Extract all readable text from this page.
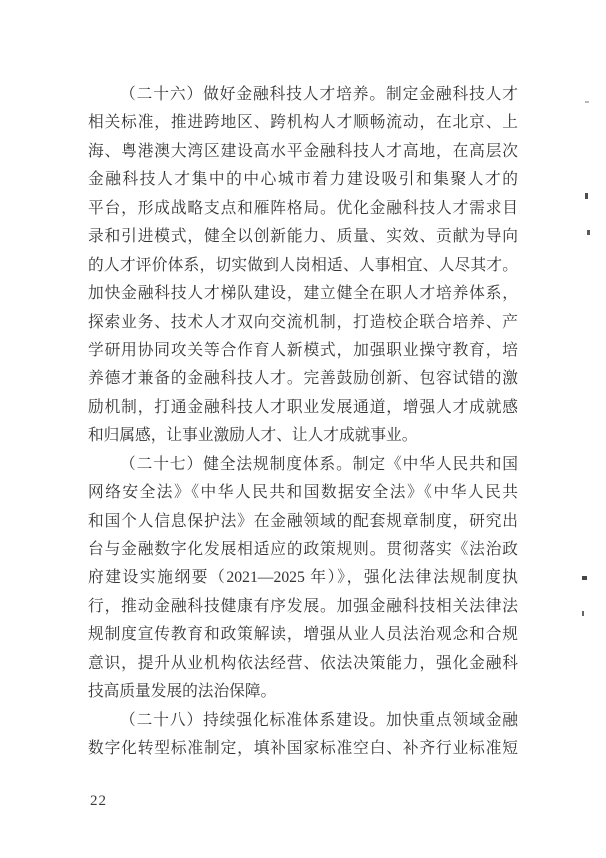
（二十六）做好金融科技人才培养。制定金融科技人才
相关标准，推进跨地区、跨机构人才顺畅流动，在北京、上
海、粤港澳大湾区建设高水平金融科技人才高地，在高层次
金融科技人才集中的中心城市着力建设吸引和集聚人才的
平台，形成战略支点和雁阵格局。优化金融科技人才需求目
录和引进模式，健全以创新能力、质量、实效、贡献为导向
的人才评价体系，切实做到人岗相适、人事相宜、人尽其才。
加快金融科技人才梯队建设，建立健全在职人才培养体系，
探索业务、技术人才双向交流机制，打造校企联合培养、产
学研用协同攻关等合作育人新模式，加强职业操守教育，培
养德才兼备的金融科技人才。完善鼓励创新、包容试错的激
励机制，打通金融科技人才职业发展通道，增强人才成就感
和归属感，让事业激励人才、让人才成就事业。
（二十七）健全法规制度体系。制定《中华人民共和国
网络安全法》《中华人民共和国数据安全法》《中华人民共
和国个人信息保护法》在金融领域的配套规章制度，研究出
台与金融数字化发展相适应的政策规则。贯彻落实《法治政
府建设实施纲要（2021—2025 年）》，强化法律法规制度执
行，推动金融科技健康有序发展。加强金融科技相关法律法
规制度宣传教育和政策解读，增强从业人员法治观念和合规
意识，提升从业机构依法经营、依法决策能力，强化金融科
技高质量发展的法治保障。
（二十八）持续强化标准体系建设。加快重点领域金融
数字化转型标准制定，填补国家标准空白、补齐行业标准短
22
